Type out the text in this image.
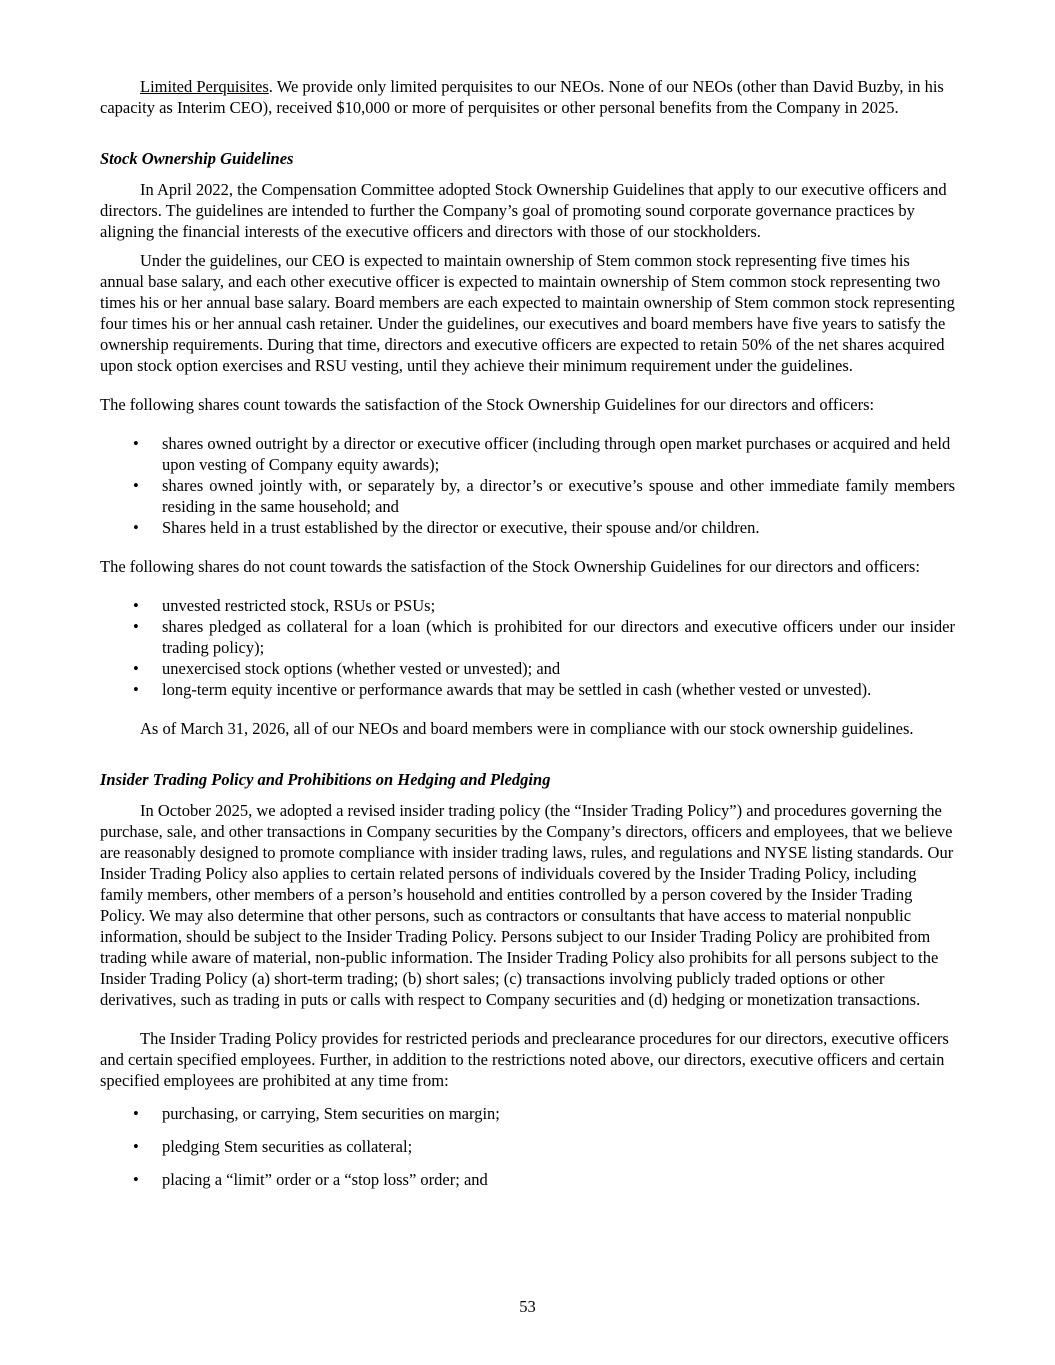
Limited Perquisites. We provide only limited perquisites to our NEOs. None of our NEOs (other than David Buzby, in his capacity as Interim CEO), received $10,000 or more of perquisites or other personal benefits from the Company in 2025.

Stock Ownership Guidelines

In April 2022, the Compensation Committee adopted Stock Ownership Guidelines that apply to our executive officers and directors. The guidelines are intended to further the Company’s goal of promoting sound corporate governance practices by aligning the financial interests of the executive officers and directors with those of our stockholders.

Under the guidelines, our CEO is expected to maintain ownership of Stem common stock representing five times his annual base salary, and each other executive officer is expected to maintain ownership of Stem common stock representing two times his or her annual base salary. Board members are each expected to maintain ownership of Stem common stock representing four times his or her annual cash retainer. Under the guidelines, our executives and board members have five years to satisfy the ownership requirements. During that time, directors and executive officers are expected to retain 50% of the net shares acquired upon stock option exercises and RSU vesting, until they achieve their minimum requirement under the guidelines.

The following shares count towards the satisfaction of the Stock Ownership Guidelines for our directors and officers:

•	shares owned outright by a director or executive officer (including through open market purchases or acquired and held upon vesting of Company equity awards);
•	shares owned jointly with, or separately by, a director’s or executive’s spouse and other immediate family members residing in the same household; and
•	Shares held in a trust established by the director or executive, their spouse and/or children.

The following shares do not count towards the satisfaction of the Stock Ownership Guidelines for our directors and officers:

•	unvested restricted stock, RSUs or PSUs;
•	shares pledged as collateral for a loan (which is prohibited for our directors and executive officers under our insider trading policy);
•	unexercised stock options (whether vested or unvested); and
•	long-term equity incentive or performance awards that may be settled in cash (whether vested or unvested).

As of March 31, 2026, all of our NEOs and board members were in compliance with our stock ownership guidelines.

Insider Trading Policy and Prohibitions on Hedging and Pledging

In October 2025, we adopted a revised insider trading policy (the “Insider Trading Policy”) and procedures governing the purchase, sale, and other transactions in Company securities by the Company’s directors, officers and employees, that we believe are reasonably designed to promote compliance with insider trading laws, rules, and regulations and NYSE listing standards. Our Insider Trading Policy also applies to certain related persons of individuals covered by the Insider Trading Policy, including family members, other members of a person’s household and entities controlled by a person covered by the Insider Trading Policy. We may also determine that other persons, such as contractors or consultants that have access to material nonpublic information, should be subject to the Insider Trading Policy. Persons subject to our Insider Trading Policy are prohibited from trading while aware of material, non-public information. The Insider Trading Policy also prohibits for all persons subject to the Insider Trading Policy (a) short-term trading; (b) short sales; (c) transactions involving publicly traded options or other derivatives, such as trading in puts or calls with respect to Company securities and (d) hedging or monetization transactions.

The Insider Trading Policy provides for restricted periods and preclearance procedures for our directors, executive officers and certain specified employees. Further, in addition to the restrictions noted above, our directors, executive officers and certain specified employees are prohibited at any time from:

•	purchasing, or carrying, Stem securities on margin;
•	pledging Stem securities as collateral;
•	placing a “limit” order or a “stop loss” order; and
53
